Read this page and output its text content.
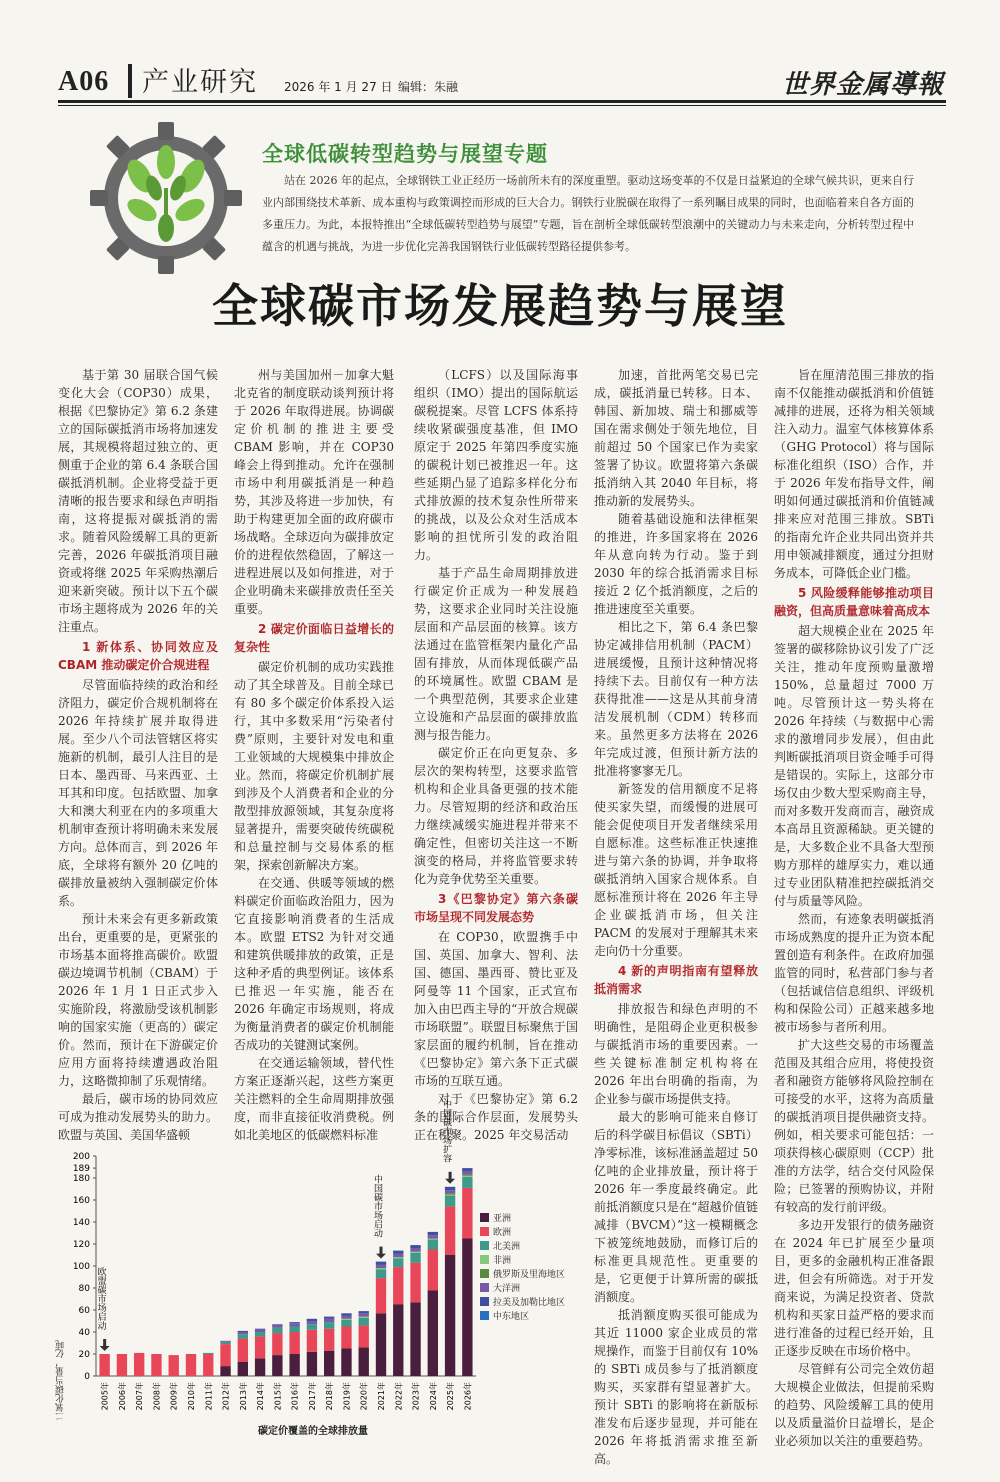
A06 产业研究 2026 年 1 月 27 日 编辑：朱融	世界金属導報
全球低碳转型趋势与展望专题
站在 2026 年的起点，全球钢铁工业正经历一场前所未有的深度重塑。驱动这场变革的不仅是日益紧迫的全球气候共识，更来自行业内部围绕技术革新、成本重构与政策调控而形成的巨大合力。钢铁行业脱碳在取得了一系列瞩目成果的同时，也面临着来自各方面的多重压力。为此，本报特推出“全球低碳转型趋势与展望”专题，旨在剖析全球低碳转型浪潮中的关键动力与未来走向，分析转型过程中蕴含的机遇与挑战，为进一步优化完善我国钢铁行业低碳转型路径提供参考。
全球碳市场发展趋势与展望

基于第 30 届联合国气候变化大会（COP30）成果，根据《巴黎协定》第 6.2 条建立的国际碳抵消市场将加速发展，其规模将超过独立的、更侧重于企业的第 6.4 条联合国碳抵消机制。企业将受益于更清晰的报告要求和绿色声明指南，这将提振对碳抵消的需求。随着风险缓解工具的更新完善，2026 年碳抵消项目融资或将继 2025 年采购热潮后迎来新突破。预计以下五个碳市场主题将成为 2026 年的关注重点。

1 新体系、协同效应及 CBAM 推动碳定价合规进程

尽管面临持续的政治和经济阻力，碳定价合规机制将在 2026 年持续扩展并取得进展。至少八个司法管辖区将实施新的机制，最引人注目的是日本、墨西哥、马来西亚、土耳其和印度。包括欧盟、加拿大和澳大利亚在内的多项重大机制审查预计将明确未来发展方向。总体而言，到 2026 年底，全球将有额外 20 亿吨的碳排放量被纳入强制碳定价体系。

预计未来会有更多新政策出台，更重要的是，更紧张的市场基本面将推高碳价。欧盟碳边境调节机制（CBAM）于 2026 年 1 月 1 日正式步入实施阶段，将激励受该机制影响的国家实施（更高的）碳定价。然而，预计在下游碳定价应用方面将持续遭遇政治阻力，这略微抑制了乐观情绪。

最后，碳市场的协同效应可成为推动发展势头的助力。欧盟与英国、美国华盛顿

州与美国加州－加拿大魁北克省的制度联动谈判预计将于 2026 年取得进展。协调碳定价机制的推进主要受 CBAM 影响，并在 COP30 峰会上得到推动。允许在强制市场中利用碳抵消是一种趋势，其涉及将进一步加快，有助于构建更加全面的政府碳市场战略。全球迈向为碳排放定价的进程依然稳固，了解这一进程进展以及如何推进，对于企业明确未来碳排放责任至关重要。

2 碳定价面临日益增长的复杂性

碳定价机制的成功实践推动了其全球普及。目前全球已有 80 多个碳定价体系投入运行，其中多数采用“污染者付费”原则，主要针对发电和重工业领域的大规模集中排放企业。然而，将碳定价机制扩展到涉及个人消费者和企业的分散型排放源领域，其复杂度将显著提升，需要突破传统碳税和总量控制与交易体系的框架，探索创新解决方案。

在交通、供暖等领域的燃料碳定价面临政治阻力，因为它直接影响消费者的生活成本。欧盟 ETS2 为针对交通和建筑供暖排放的政策，正是这种矛盾的典型例证。该体系已推迟一年实施，能否在 2026 年确定市场规则，将成为衡量消费者的碳定价机制能否成功的关键测试案例。

在交通运输领域，替代性方案正逐渐兴起，这些方案更关注燃料的全生命周期排放强度，而非直接征收消费税。例如北美地区的低碳燃料标准

（LCFS）以及国际海事组织（IMO）提出的国际航运碳税提案。尽管 LCFS 体系持续收紧碳强度基准，但 IMO 原定于 2025 年第四季度实施的碳税计划已被推迟一年。这些延期凸显了追踪多样化分布式排放源的技术复杂性所带来的挑战，以及公众对生活成本影响的担忧所引发的政治阻力。

基于产品生命周期排放进行碳定价正成为一种发展趋势，这要求企业同时关注设施层面和产品层面的核算。该方法通过在监管框架内量化产品固有排放，从而体现低碳产品的环境属性。欧盟 CBAM 是一个典型范例，其要求企业建立设施和产品层面的碳排放监测与报告能力。

碳定价正在向更复杂、多层次的架构转型，这要求监管机构和企业具备更强的技术能力。尽管短期的经济和政治压力继续减缓实施进程并带来不确定性，但密切关注这一不断演变的格局，并将监管要求转化为竞争优势至关重要。

3《巴黎协定》第六条碳市场呈现不同发展态势

在 COP30，欧盟携手中国、英国、加拿大、智利、法国、德国、墨西哥、赞比亚及阿曼等 11 个国家，正式宣布加入由巴西主导的“开放合规碳市场联盟”。联盟目标聚焦于国家层面的履约机制，旨在推动《巴黎协定》第六条下正式碳市场的互联互通。

对于《巴黎协定》第 6.2 条的国际合作层面，发展势头正在积聚。2025 年交易活动

加速，首批两笔交易已完成，碳抵消量已转移。日本、韩国、新加坡、瑞士和挪威等国在需求侧处于领先地位，目前超过 50 个国家已作为卖家签署了协议。欧盟将第六条碳抵消纳入其 2040 年目标，将推动新的发展势头。

随着基础设施和法律框架的推进，许多国家将在 2026 年从意向转为行动。鉴于到 2030 年的综合抵消需求目标接近 2 亿个抵消额度，之后的推进速度至关重要。

相比之下，第 6.4 条巴黎协定减排信用机制（PACM）进展缓慢，且预计这种情况将持续下去。目前仅有一种方法获得批准——这是从其前身清洁发展机制（CDM）转移而来。虽然更多方法将在 2026 年完成过渡，但预计新方法的批准将寥寥无几。

新签发的信用额度不足将使买家失望，而缓慢的进展可能会促使项目开发者继续采用自愿标准。这些标准正快速推进与第六条的协调，并争取将碳抵消纳入国家合规体系。自愿标准预计将在 2026 年主导企业碳抵消市场，但关注 PACM 的发展对于理解其未来走向仍十分重要。

4 新的声明指南有望释放抵消需求

排放报告和绿色声明的不明确性，是阻碍企业更积极参与碳抵消市场的重要因素。一些关键标准制定机构将在 2026 年出台明确的指南，为企业参与碳市场提供支持。

最大的影响可能来自修订后的科学碳目标倡议（SBTi）净零标准，该标准涵盖超过 50 亿吨的企业排放量，预计将于 2026 年一季度最终确定。此前抵消额度只是在“超越价值链减排（BVCM）”这一模糊概念下被笼统地鼓励，而修订后的标准更具规范性。更重要的是，它更便于计算所需的碳抵消额度。

抵消额度购买很可能成为其近 11000 家企业成员的常规操作，而鉴于目前仅有 10% 的 SBTi 成员参与了抵消额度购买，买家群有望显著扩大。预计 SBTi 的影响将在新版标准发布后逐步显现，并可能在 2026 年将抵消需求推至新高。

旨在厘清范围三排放的指南不仅能推动碳抵消和价值链减排的进展，还将为相关领域注入动力。温室气体核算体系（GHG Protocol）将与国际标准化组织（ISO）合作，并于 2026 年发布指导文件，阐明如何通过碳抵消和价值链减排来应对范围三排放。SBTi 的指南允许企业共同出资并共用申领减排额度，通过分担财务成本，可降低企业门槛。

5 风险缓释能够推动项目融资，但高质量意味着高成本

超大规模企业在 2025 年签署的碳移除协议引发了广泛关注，推动年度预购量激增 150%，总量超过 7000 万吨。尽管预计这一势头将在 2026 年持续（与数据中心需求的激增同步发展），但由此判断碳抵消项目资金唾手可得是错误的。实际上，这部分市场仅由少数大型采购商主导，而对多数开发商而言，融资成本高昂且资源稀缺。更关键的是，大多数企业不具备大型预购方那样的雄厚实力，难以通过专业团队精准把控碳抵消交付与质量等风险。

然而，有迹象表明碳抵消市场成熟度的提升正为资本配置创造有利条件。在政府加强监管的同时，私营部门参与者（包括诚信信息组织、评级机构和保险公司）正越来越多地被市场参与者所利用。

扩大这些交易的市场覆盖范围及其组合应用，将使投资者和融资方能够将风险控制在可接受的水平，这将为高质量的碳抵消项目提供融资支持。例如，相关要求可能包括：一项获得核心碳原则（CCP）批准的方法学，结合交付风险保险；已签署的预购协议，并附有较高的发行前评级。

多边开发银行的债务融资在 2024 年已扩展至少量项目，更多的金融机构正准备跟进，但会有所筛选。对于开发商来说，为满足投资者、贷款机构和买家日益严格的要求而进行准备的过程已经开始，且正逐步反映在市场价格中。

尽管鲜有公司完全效仿超大规模企业做法，但提前采购的趋势、风险缓解工具的使用以及质量溢价日益增长，是企业必须加以关注的重要趋势。

0
20
40
60
80
100
120
140
160
180
189
200
2005年 2006年 2007年 2008年 2009年 2010年 2011年 2012年 2013年 2014年 2015年 2016年 2017年 2018年 2019年 2020年 2021年 2022年 2023年 2024年 2025年 2026年
欧盟碳市场启动
中国碳市场启动
中国碳市场扩容
二氧化碳当量，亿吨
碳定价覆盖的全球排放量
亚洲
欧洲
北美洲
非洲
俄罗斯及里海地区
大洋洲
拉美及加勒比地区
中东地区
